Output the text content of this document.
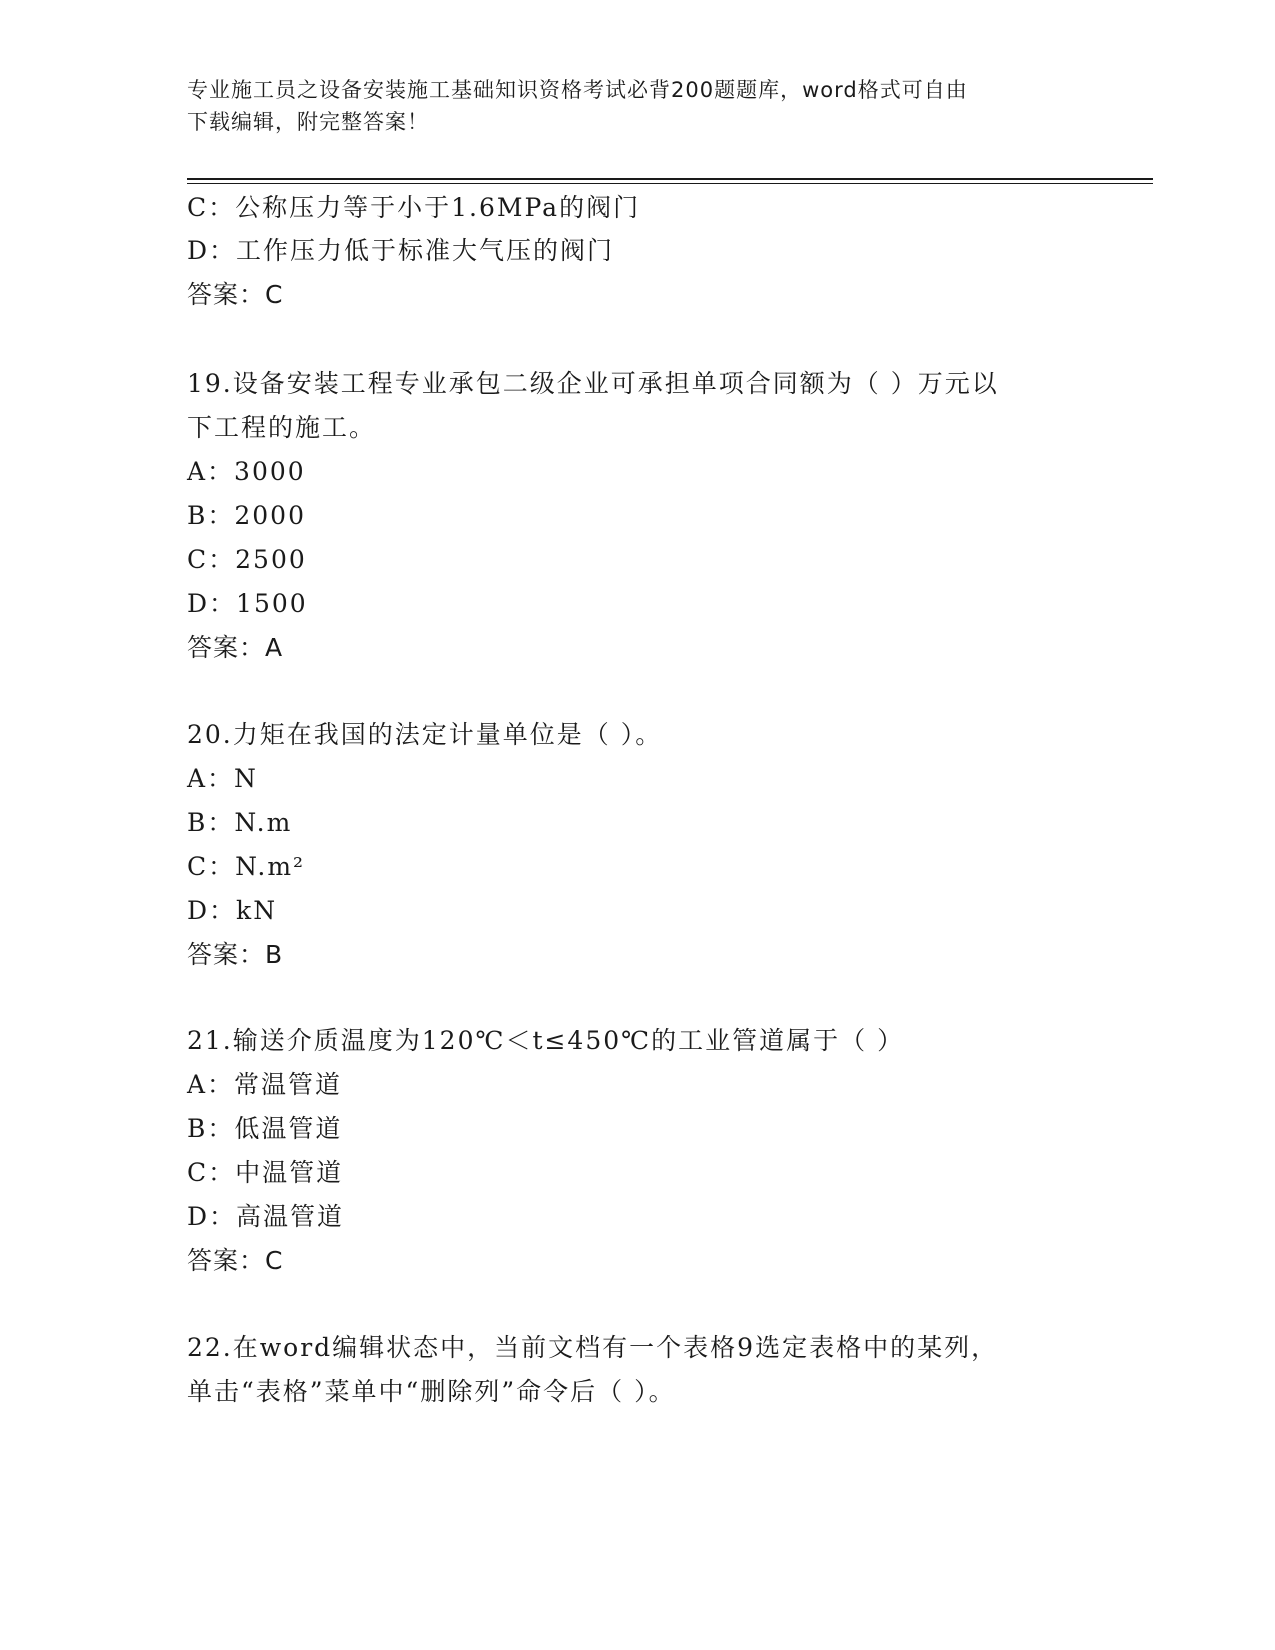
专业施工员之设备安装施工基础知识资格考试必背200题题库，word格式可自由
下载编辑，附完整答案！
C：公称压力等于小于1.6MPa的阀门
D：工作压力低于标准大气压的阀门
答案：C
19.设备安装工程专业承包二级企业可承担单项合同额为（ ）万元以
下工程的施工。
A：3000
B：2000
C：2500
D：1500
答案：A
20.力矩在我国的法定计量单位是（ ）。
A：N
B：N.m
C：N.m²
D：kN
答案：B
21.输送介质温度为120℃＜t≤450℃的工业管道属于（ ）
A：常温管道
B：低温管道
C：中温管道
D：高温管道
答案：C
22.在word编辑状态中，当前文档有一个表格9选定表格中的某列，
单击“表格”菜单中“删除列”命令后（ ）。
